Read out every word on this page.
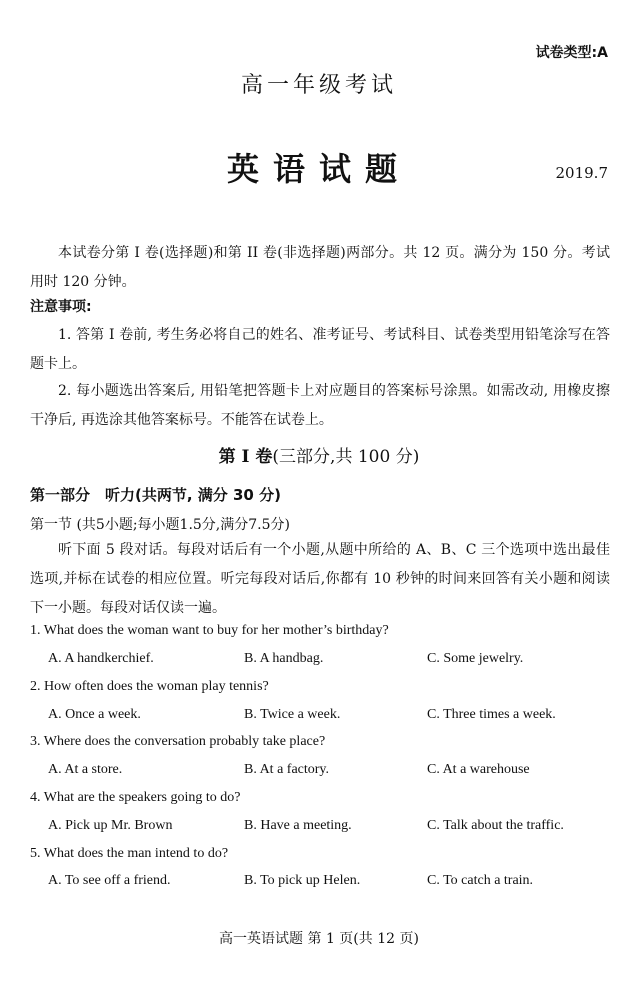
试卷类型:A
高一年级考试
英语试题	2019.7
本试卷分第 I 卷(选择题)和第 II 卷(非选择题)两部分。共 12 页。满分为 150 分。考试用时 120 分钟。
注意事项:
1. 答第 I 卷前, 考生务必将自己的姓名、准考证号、考试科目、试卷类型用铅笔涂写在答题卡上。
2. 每小题选出答案后, 用铅笔把答题卡上对应题目的答案标号涂黑。如需改动, 用橡皮擦干净后, 再选涂其他答案标号。不能答在试卷上。
第 I 卷(三部分,共 100 分)
第一部分　听力(共两节, 满分 30 分)
第一节 (共5小题;每小题1.5分,满分7.5分)
听下面 5 段对话。每段对话后有一个小题,从题中所给的 A、B、C 三个选项中选出最佳选项,并标在试卷的相应位置。听完每段对话后,你都有 10 秒钟的时间来回答有关小题和阅读下一小题。每段对话仅读一遍。
1. What does the woman want to buy for her mother’s birthday?
A. A handkerchief.	B. A handbag.	C. Some jewelry.
2. How often does the woman play tennis?
A. Once a week.	B. Twice a week.	C. Three times a week.
3. Where does the conversation probably take place?
A. At a store.	B. At a factory.	C. At a warehouse
4. What are the speakers going to do?
A. Pick up Mr. Brown	B. Have a meeting.	C. Talk about the traffic.
5. What does the man intend to do?
A. To see off a friend.	B. To pick up Helen.	C. To catch a train.
高一英语试题 第 1 页(共 12 页)
